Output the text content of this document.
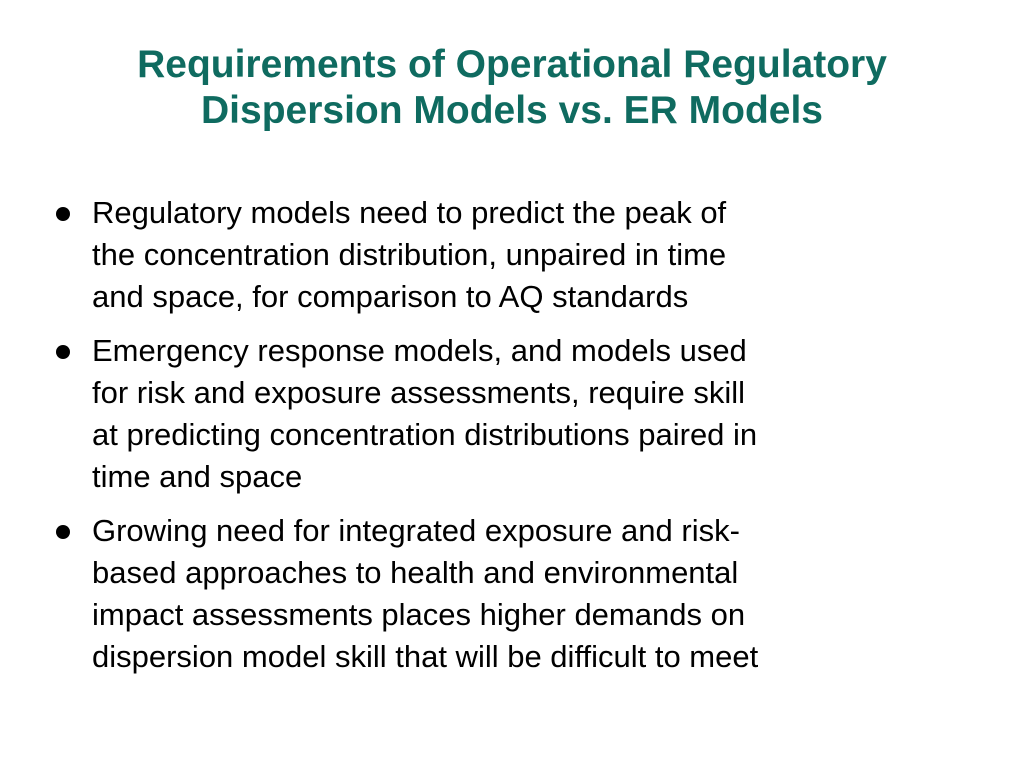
Requirements of Operational Regulatory
Dispersion Models vs. ER Models
Regulatory models need to predict the peak of
the concentration distribution, unpaired in time
and space, for comparison to AQ standards
Emergency response models, and models used
for risk and exposure assessments, require skill
at predicting concentration distributions paired in
time and space
Growing need for integrated exposure and risk-
based approaches to health and environmental
impact assessments places higher demands on
dispersion model skill that will be difficult to meet
